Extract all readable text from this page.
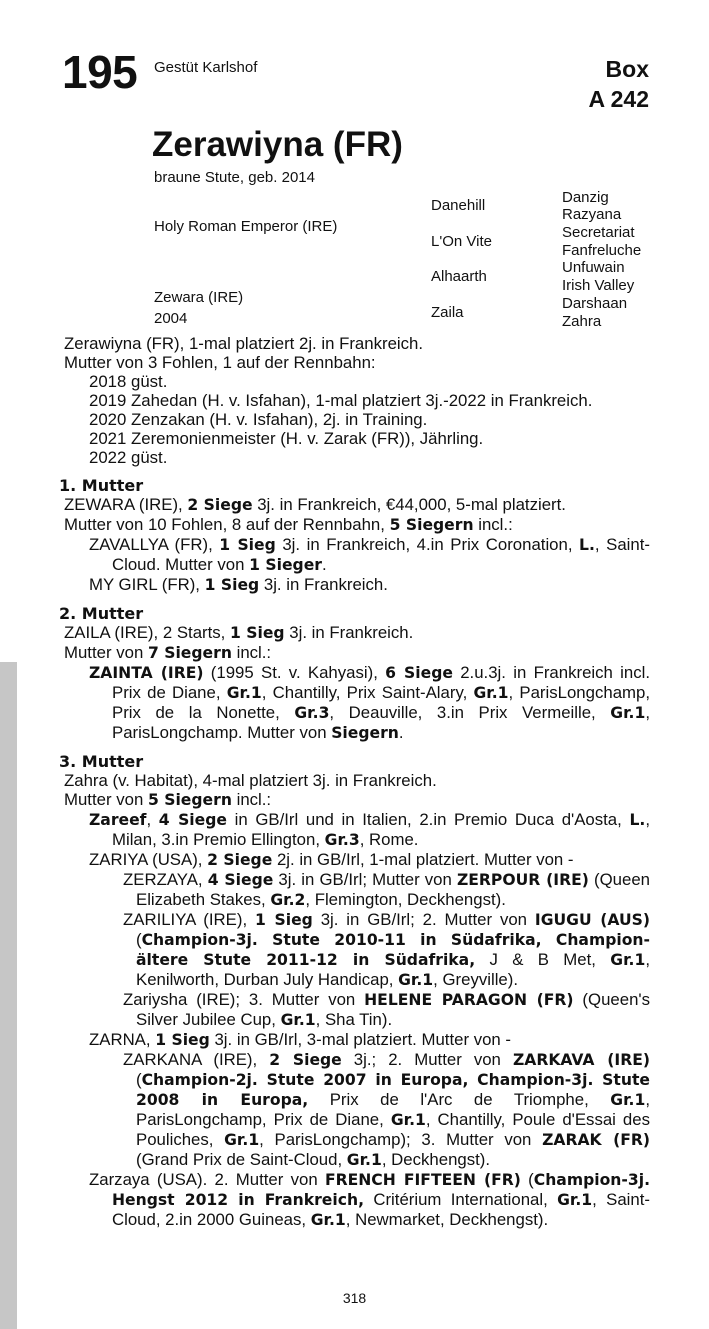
195 Gestüt Karlshof	Box
A 242
Zerawiyna (FR)
braune Stute, geb. 2014
Holy Roman Emperor (IRE)
Zewara (IRE)
2004
Danehill
L'On Vite
Alhaarth
Zaila
Danzig
Razyana
Secretariat
Fanfreluche
Unfuwain
Irish Valley
Darshaan
Zahra

Zerawiyna (FR), 1-mal platziert 2j. in Frankreich.

Mutter von 3 Fohlen, 1 auf der Rennbahn:

2018 güst.

2019 Zahedan (H. v. Isfahan), 1-mal platziert 3j.-2022 in Frankreich.

2020 Zenzakan (H. v. Isfahan), 2j. in Training.

2021 Zeremonienmeister (H. v. Zarak (FR)), Jährling.

2022 güst.

1. Mutter

ZEWARA (IRE), 2 Siege 3j. in Frankreich, €44,000, 5-mal platziert.

Mutter von 10 Fohlen, 8 auf der Rennbahn, 5 Siegern incl.:

ZAVALLYA (FR), 1 Sieg 3j. in Frankreich, 4.in Prix Coronation, L., Saint-Cloud. Mutter von 1 Sieger.

MY GIRL (FR), 1 Sieg 3j. in Frankreich.

2. Mutter

ZAILA (IRE), 2 Starts, 1 Sieg 3j. in Frankreich.

Mutter von 7 Siegern incl.:

ZAINTA (IRE) (1995 St. v. Kahyasi), 6 Siege 2.u.3j. in Frankreich incl. Prix de Diane, Gr.1, Chantilly, Prix Saint-Alary, Gr.1, ParisLongchamp, Prix de la Nonette, Gr.3, Deauville, 3.in Prix Vermeille, Gr.1, ParisLongchamp. Mutter von Siegern.

3. Mutter

Zahra (v. Habitat), 4-mal platziert 3j. in Frankreich.

Mutter von 5 Siegern incl.:

Zareef, 4 Siege in GB/Irl und in Italien, 2.in Premio Duca d'Aosta, L., Milan, 3.in Premio Ellington, Gr.3, Rome.

ZARIYA (USA), 2 Siege 2j. in GB/Irl, 1-mal platziert. Mutter von -

ZERZAYA, 4 Siege 3j. in GB/Irl; Mutter von ZERPOUR (IRE) (Queen Elizabeth Stakes, Gr.2, Flemington, Deckhengst).

ZARILIYA (IRE), 1 Sieg 3j. in GB/Irl; 2. Mutter von IGUGU (AUS) (Champion-3j. Stute 2010-11 in Südafrika, Champion-ältere Stute 2011-12 in Südafrika, J & B Met, Gr.1, Kenilworth, Durban July Handicap, Gr.1, Greyville).

Zariysha (IRE); 3. Mutter von HELENE PARAGON (FR) (Queen's Silver Jubilee Cup, Gr.1, Sha Tin).

ZARNA, 1 Sieg 3j. in GB/Irl, 3-mal platziert. Mutter von -

ZARKANA (IRE), 2 Siege 3j.; 2. Mutter von ZARKAVA (IRE) (Champion-2j. Stute 2007 in Europa, Champion-3j. Stute 2008 in Europa, Prix de l'Arc de Triomphe, Gr.1, ParisLongchamp, Prix de Diane, Gr.1, Chantilly, Poule d'Essai des Pouliches, Gr.1, ParisLongchamp); 3. Mutter von ZARAK (FR) (Grand Prix de Saint-Cloud, Gr.1, Deckhengst).

Zarzaya (USA). 2. Mutter von FRENCH FIFTEEN (FR) (Champion-3j. Hengst 2012 in Frankreich, Critérium International, Gr.1, Saint-Cloud, 2.in 2000 Guineas, Gr.1, Newmarket, Deckhengst).

318
